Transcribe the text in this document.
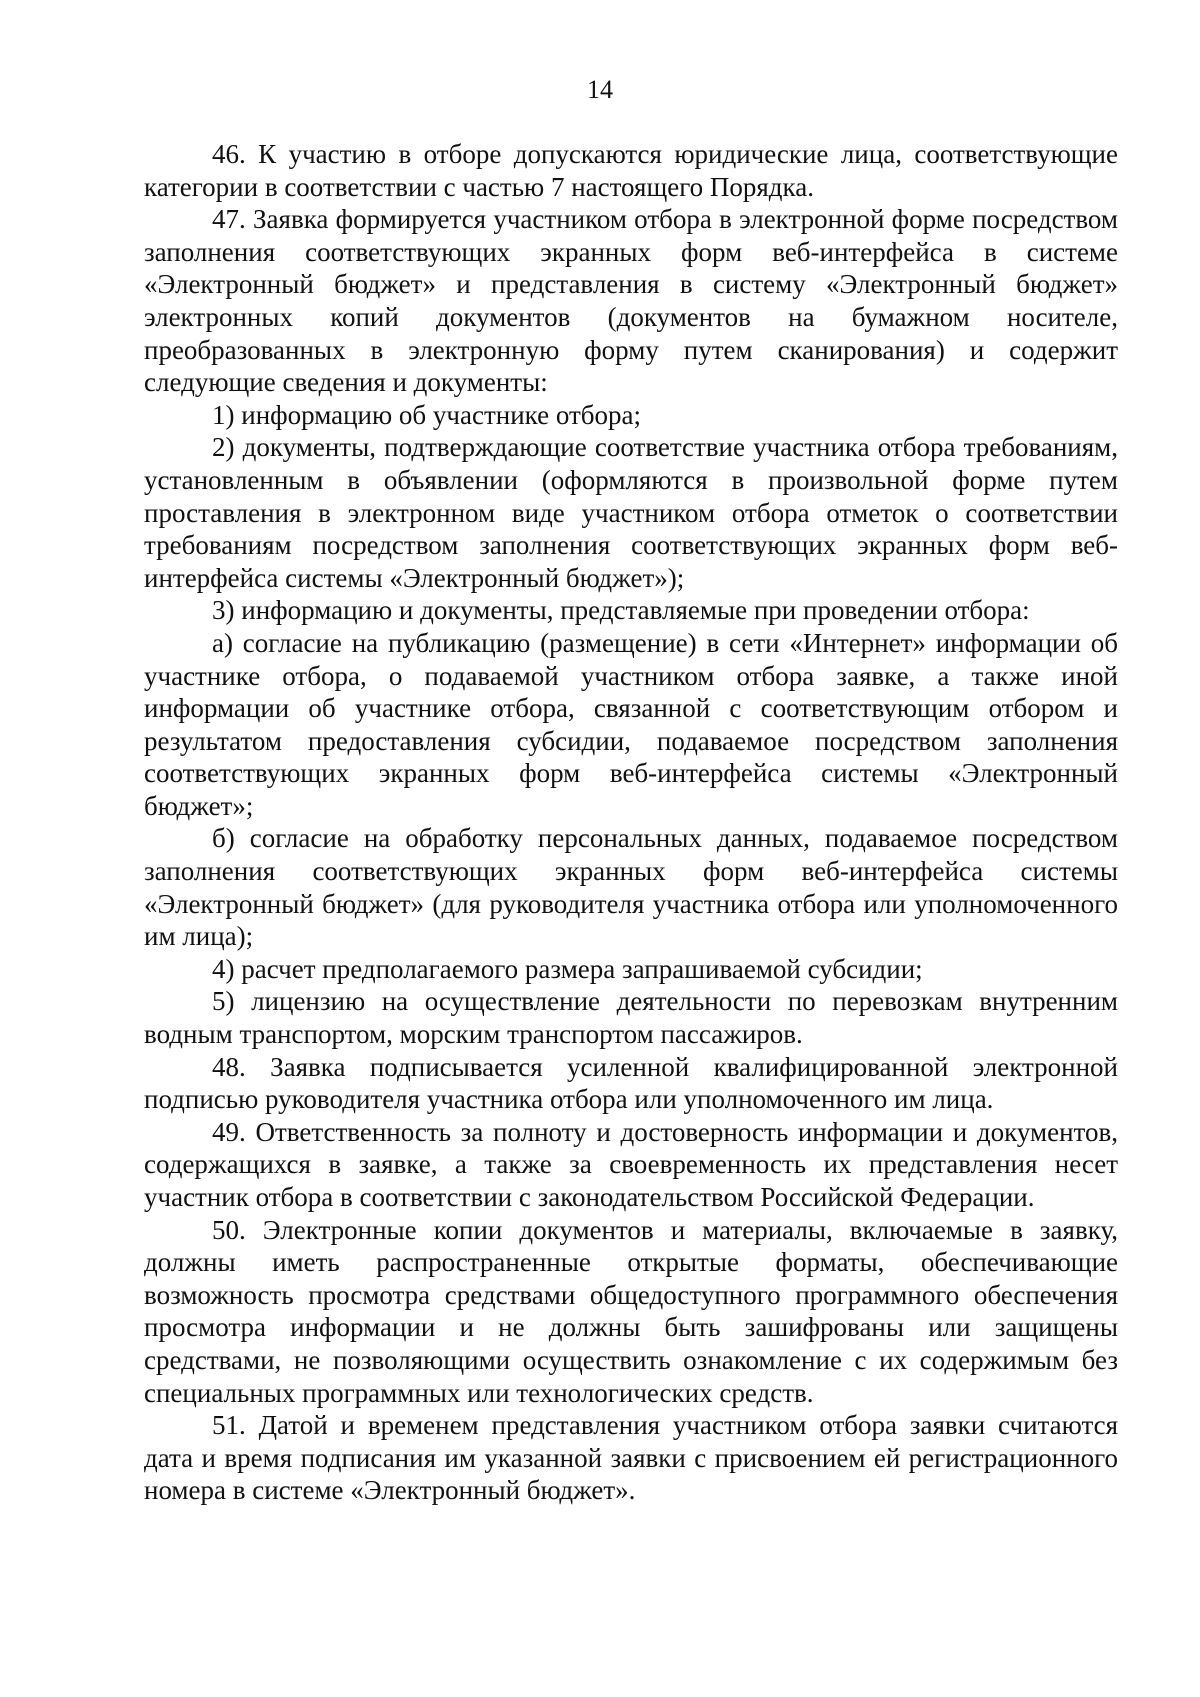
14

46. К участию в отборе допускаются юридические лица, соответствующие категории в соответствии с частью 7 настоящего Порядка.

47. Заявка формируется участником отбора в электронной форме посредством заполнения соответствующих экранных форм веб-интерфейса в системе «Электронный бюджет» и представления в систему «Электронный бюджет» электронных копий документов (документов на бумажном носителе, преобразованных в электронную форму путем сканирования) и содержит следующие сведения и документы:

1) информацию об участнике отбора;

2) документы, подтверждающие соответствие участника отбора требованиям, установленным в объявлении (оформляются в произвольной форме путем проставления в электронном виде участником отбора отметок о соответствии требованиям посредством заполнения соответствующих экранных форм веб-интерфейса системы «Электронный бюджет»);

3) информацию и документы, представляемые при проведении отбора:

а) согласие на публикацию (размещение) в сети «Интернет» информации об участнике отбора, о подаваемой участником отбора заявке, а также иной информации об участнике отбора, связанной с соответствующим отбором и результатом предоставления субсидии, подаваемое посредством заполнения соответствующих экранных форм веб-интерфейса системы «Электронный бюджет»;

б) согласие на обработку персональных данных, подаваемое посредством заполнения соответствующих экранных форм веб-интерфейса системы «Электронный бюджет» (для руководителя участника отбора или уполномоченного им лица);

4) расчет предполагаемого размера запрашиваемой субсидии;

5) лицензию на осуществление деятельности по перевозкам внутренним водным транспортом, морским транспортом пассажиров.

48. Заявка подписывается усиленной квалифицированной электронной подписью руководителя участника отбора или уполномоченного им лица.

49. Ответственность за полноту и достоверность информации и документов, содержащихся в заявке, а также за своевременность их представления несет участник отбора в соответствии с законодательством Российской Федерации.

50. Электронные копии документов и материалы, включаемые в заявку, должны иметь распространенные открытые форматы, обеспечивающие возможность просмотра средствами общедоступного программного обеспечения просмотра информации и не должны быть зашифрованы или защищены средствами, не позволяющими осуществить ознакомление с их содержимым без специальных программных или технологических средств.

51. Датой и временем представления участником отбора заявки считаются дата и время подписания им указанной заявки с присвоением ей регистрационного номера в системе «Электронный бюджет».
